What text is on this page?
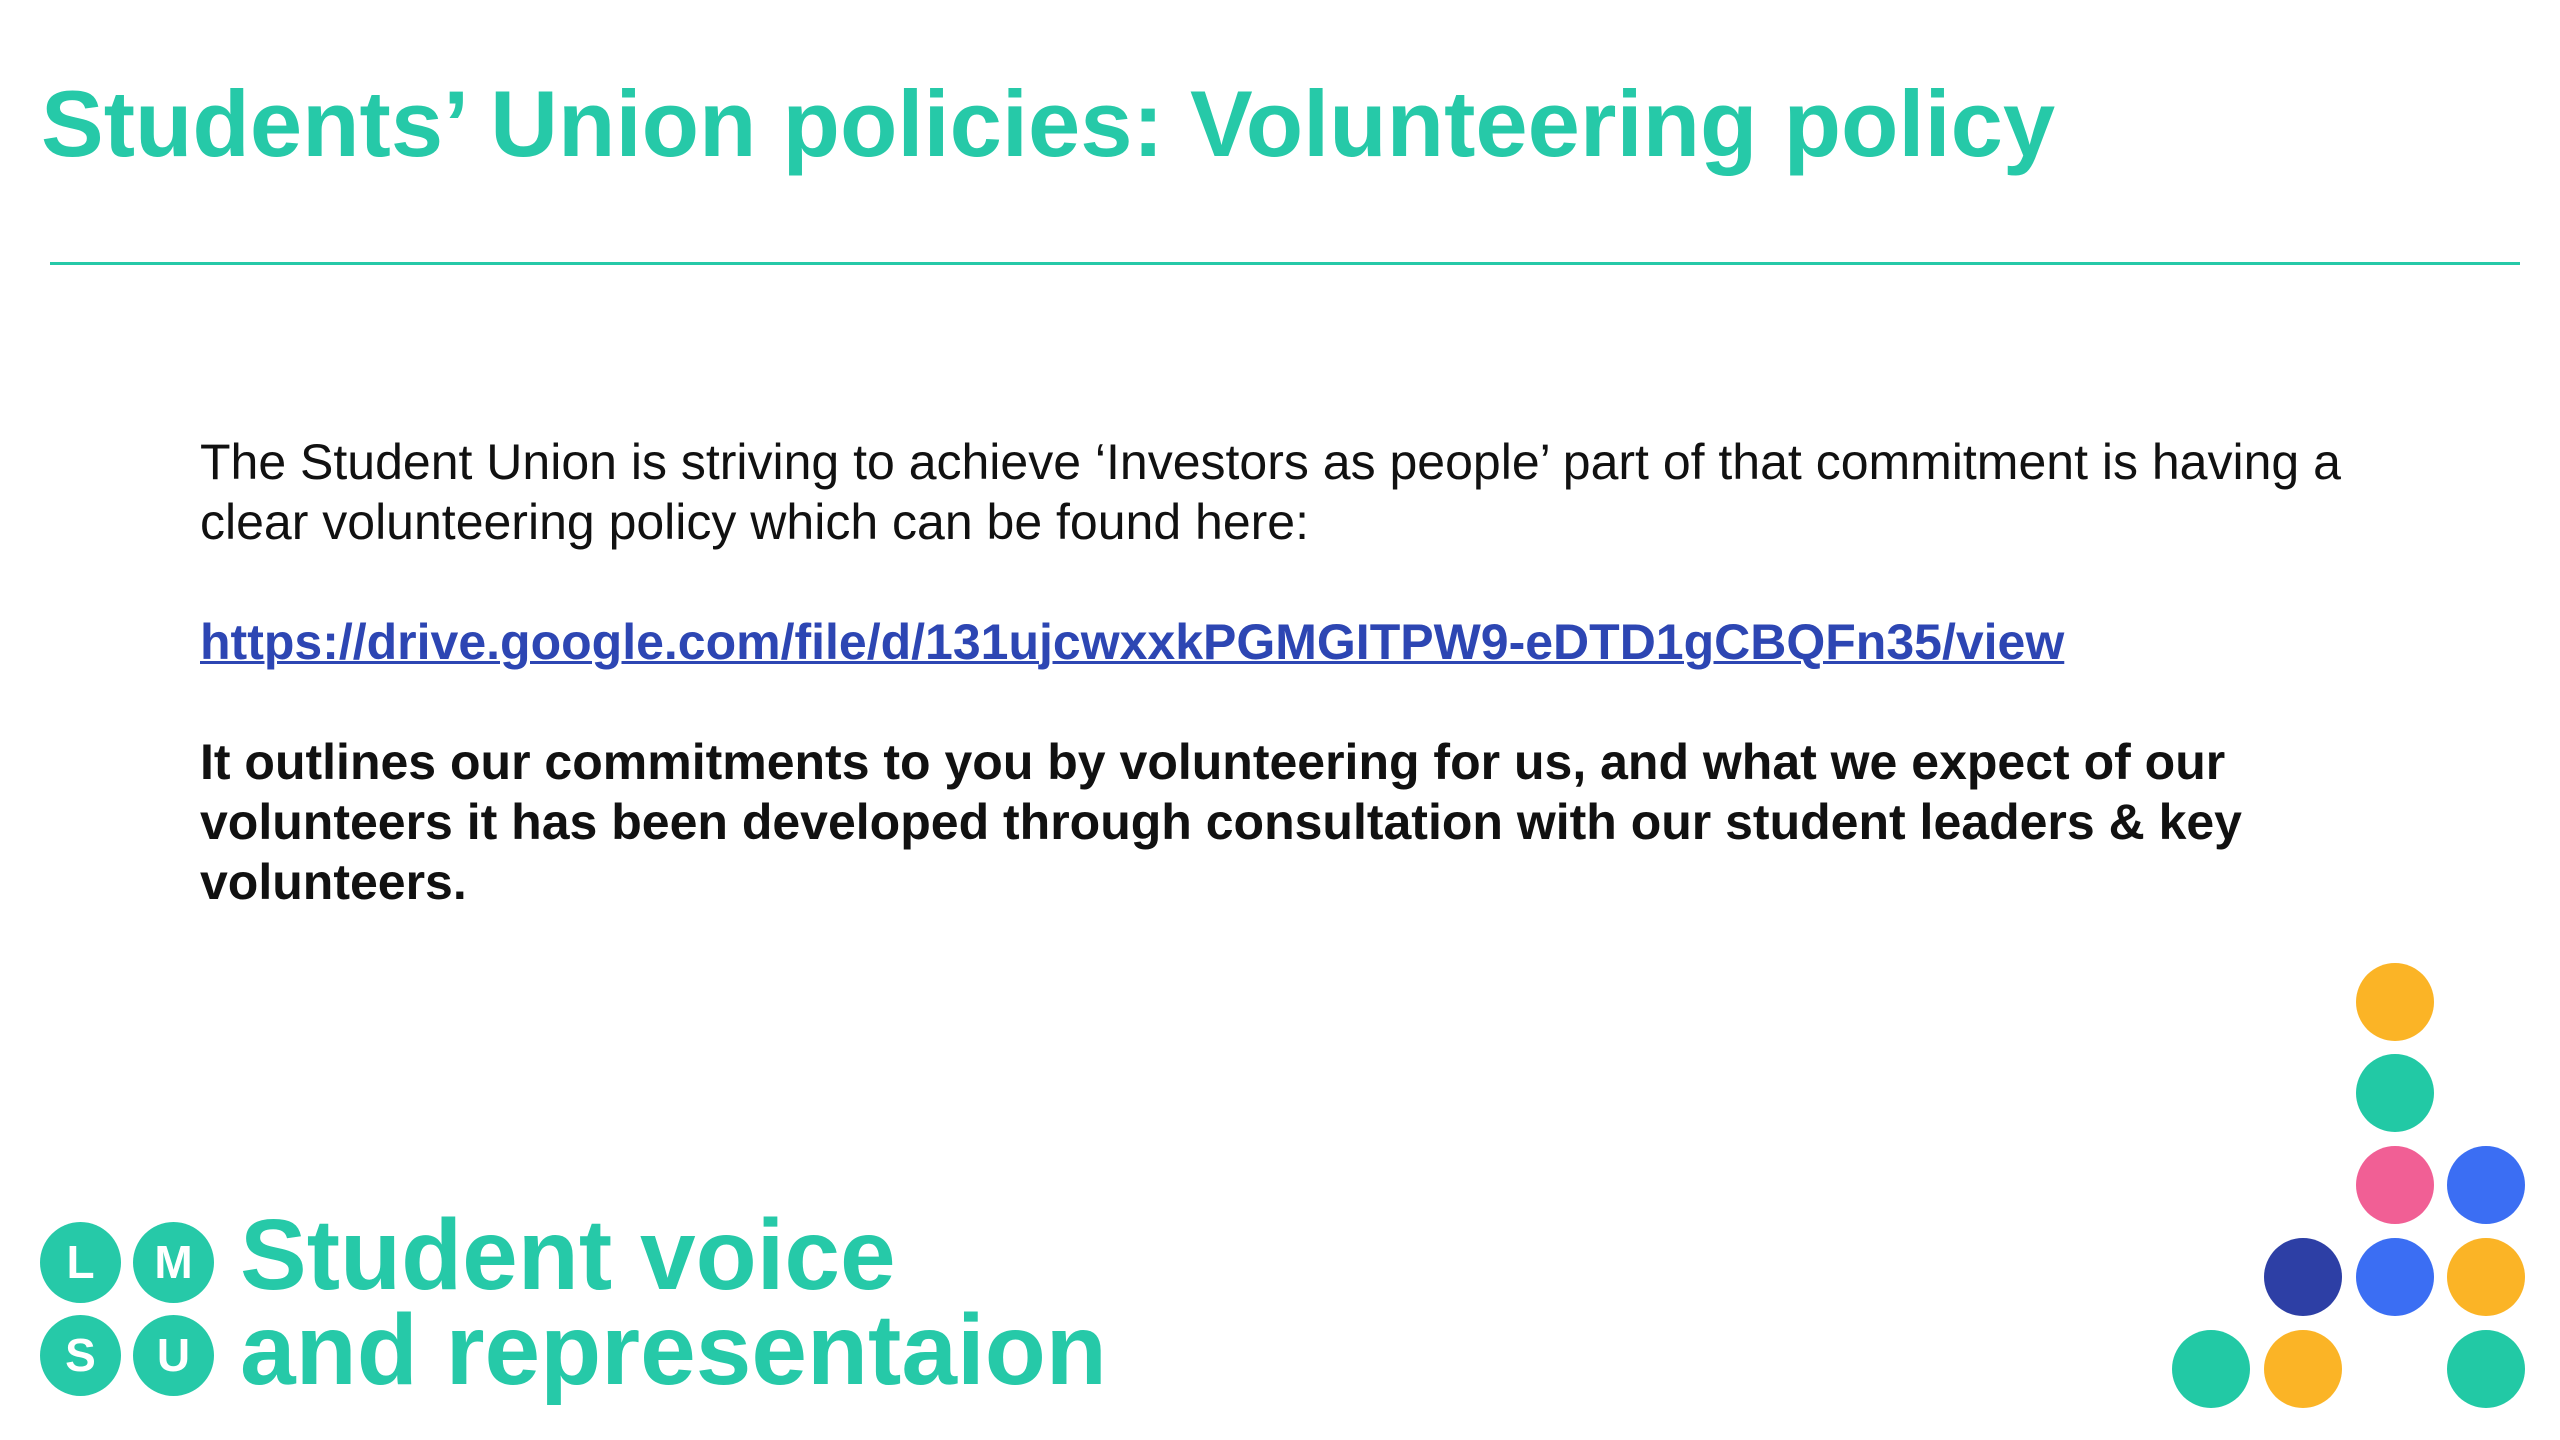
Students’ Union policies: Volunteering policy

The Student Union is striving to achieve ‘Investors as people’ part of that commitment is having a clear volunteering policy which can be found here:

https://drive.google.com/file/d/131ujcwxxkPGMGITPW9-eDTD1gCBQFn35/view

It outlines our commitments to you by volunteering for us, and what we expect of our volunteers it has been developed through consultation with our student leaders & key volunteers.

L	M
S	U
Student voice
and representaion
